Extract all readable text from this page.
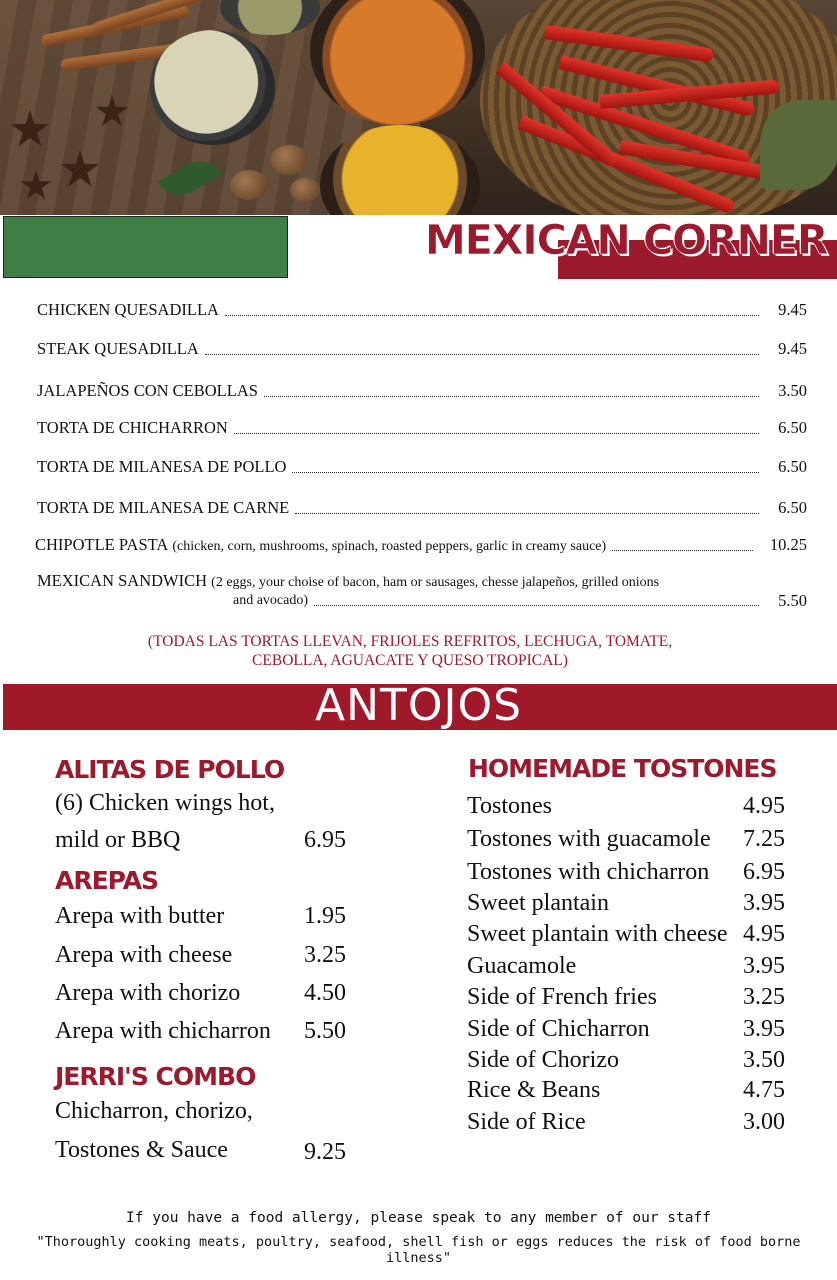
MEXICAN CORNER
CHICKEN QUESADILLA	9.45
STEAK QUESADILLA	9.45
JALAPEÑOS CON CEBOLLAS	3.50
TORTA DE CHICHARRON	6.50
TORTA DE MILANESA DE POLLO	6.50
TORTA DE MILANESA DE CARNE	6.50
CHIPOTLE PASTA (chicken, corn, mushrooms, spinach, roasted peppers, garlic in creamy sauce)	10.25
MEXICAN SANDWICH (2 eggs, your choise of bacon, ham or sausages, chesse jalapeños, grilled onions
and avocado)	5.50
(TODAS LAS TORTAS LLEVAN, FRIJOLES REFRITOS, LECHUGA, TOMATE,
CEBOLLA, AGUACATE Y QUESO TROPICAL)
ANTOJOS
ALITAS DE POLLO
(6) Chicken wings hot,
mild or BBQ	6.95
AREPAS
Arepa with butter	1.95
Arepa with cheese	3.25
Arepa with chorizo	4.50
Arepa with chicharron 5.50
JERRI'S COMBO
Chicharron, chorizo,
Tostones & Sauce	9.25
HOMEMADE TOSTONES
Tostones	4.95
Tostones with guacamole 7.25
Tostones with chicharron 6.95
Sweet plantain	3.95
Sweet plantain with cheese 4.95
Guacamole	3.95
Side of French fries	3.25
Side of Chicharron	3.95
Side of Chorizo	3.50
Rice & Beans	4.75
Side of Rice	3.00
If you have a food allergy, please speak to any member of our staff
"Thoroughly cooking meats, poultry, seafood, shell fish or eggs reduces the risk of food borne illness"
